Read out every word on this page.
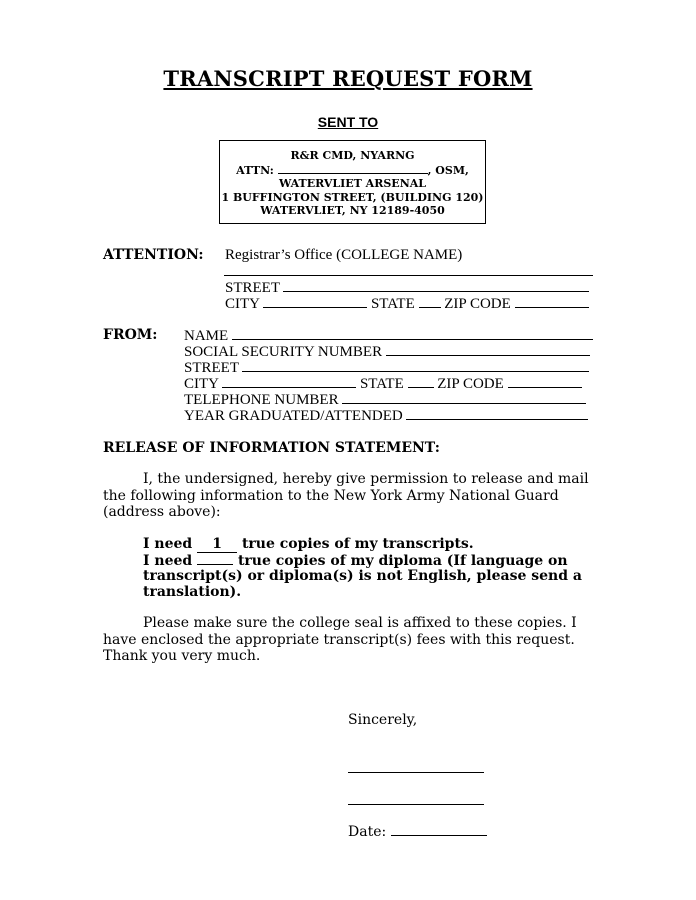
TRANSCRIPT REQUEST FORM
SENT TO
R&R CMD, NYARNG
ATTN:	, OSM,
WATERVLIET ARSENAL
1 BUFFINGTON STREET, (BUILDING 120)
WATERVLIET, NY 12189-4050
ATTENTION: Registrar’s Office (COLLEGE NAME)
STREET
CITY	STATE ZIP CODE
FROM: NAME
SOCIAL SECURITY NUMBER
STREET
CITY	STATE ZIP CODE
TELEPHONE NUMBER
YEAR GRADUATED/ATTENDED
RELEASE OF INFORMATION STATEMENT:
I, the undersigned, hereby give permission to release and mail the following information to the New York Army National Guard (address above):
I need 1 true copies of my transcripts.
I need	true copies of my diploma (If language on
transcript(s) or diploma(s) is not English, please send a
translation).
Please make sure the college seal is affixed to these copies. I have enclosed the appropriate transcript(s) fees with this request. Thank you very much.
Sincerely,
Date:
